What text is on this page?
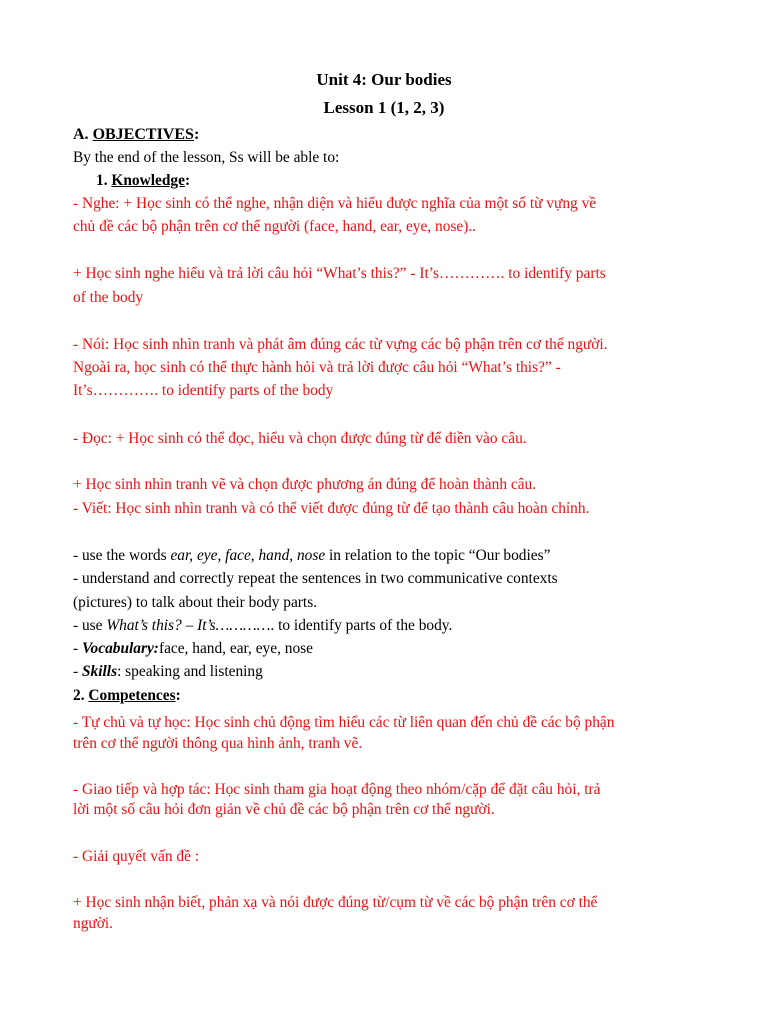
Unit 4: Our bodies
Lesson 1 (1, 2, 3)
A. OBJECTIVES:
By the end of the lesson, Ss will be able to:
1. Knowledge:
- Nghe: + Học sinh có thể nghe, nhận diện và hiểu được nghĩa của một số từ vựng về
chủ đề các bộ phận trên cơ thể người (face, hand, ear, eye, nose)..
+ Học sinh nghe hiểu và trả lời câu hỏi “What’s this?” - It’s…………. to identify parts
of the body
- Nói: Học sinh nhìn tranh và phát âm đúng các từ vựng các bộ phận trên cơ thể người.
Ngoài ra, học sinh có thể thực hành hỏi và trả lời được câu hỏi “What’s this?” -
It’s…………. to identify parts of the body
- Đọc: + Học sinh có thể đọc, hiểu và chọn được đúng từ để điền vào câu.
+ Học sinh nhìn tranh vẽ và chọn được phương án đúng để hoàn thành câu.
- Viết: Học sinh nhìn tranh và có thể viết được đúng từ để tạo thành câu hoàn chỉnh.
- use the words ear, eye, face, hand, nose in relation to the topic “Our bodies”
- understand and correctly repeat the sentences in two communicative contexts
(pictures) to talk about their body parts.
- use What’s this? – It’s…………. to identify parts of the body.
- Vocabulary:face, hand, ear, eye, nose
- Skills: speaking and listening
2. Competences:
- Tự chủ và tự học: Học sinh chủ động tìm hiểu các từ liên quan đến chủ đề các bộ phận
trên cơ thể người thông qua hình ảnh, tranh vẽ.
- Giao tiếp và hợp tác: Học sinh tham gia hoạt động theo nhóm/cặp để đặt câu hỏi, trả
lời một số câu hỏi đơn giản về chủ đề các bộ phận trên cơ thể người.
- Giải quyết vấn đề :
+ Học sinh nhận biết, phản xạ và nói được đúng từ/cụm từ về các bộ phận trên cơ thể
người.
